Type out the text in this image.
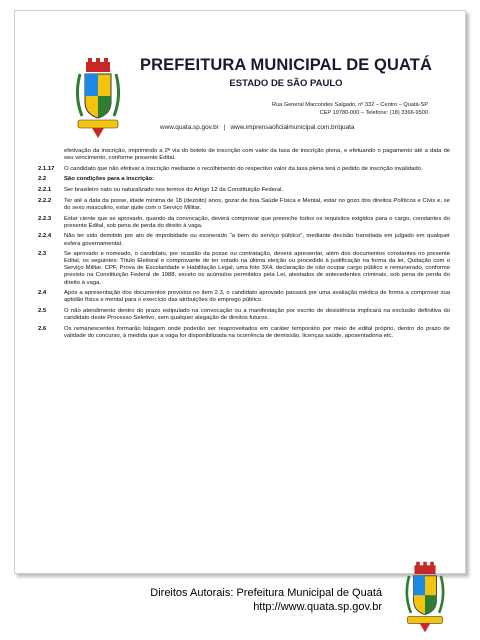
PREFEITURA MUNICIPAL DE QUATÁ
ESTADO DE SÃO PAULO
Rua General Marcondes Salgado, nº 332 – Centro – Quatá-SP
CEP 19780-000 – Telefone: (18) 3366-9500
www.quata.sp.gov.br | www.imprensaoficialmunicipal.com.br/quata
efetivação da inscrição, imprimindo a 2ª via do boleto de inscrição com valor da taxa de inscrição plena, e efetuando o pagamento até a data de seu vencimento, conforme presente Edital.
2.1.17	O candidato que não efetivar a inscrição mediante o recolhimento do respectivo valor da taxa plena terá o pedido de inscrição invalidado.
2.2	São condições para a inscrição:
2.2.1	Ser brasileiro nato ou naturalizado nos termos do Artigo 12 da Constituição Federal.
2.2.2	Ter até a data da posse, idade mínima de 18 (dezoito) anos, gozar de boa Saúde Física e Mental, estar no gozo dos direitos Políticos e Civis e, se do sexo masculino, estar quite com o Serviço Militar.
2.2.3	Estar ciente que se aprovado, quando da convocação, deverá comprovar que preenche todos os requisitos exigidos para o cargo, constantes do presente Edital, sob pena de perda do direito à vaga.
2.2.4	Não ter sido demitido por ato de improbidade ou exonerado "a bem do serviço público", mediante decisão transitada em julgado em qualquer esfera governamental.
2.3	Se aprovado e nomeado, o candidato, por ocasião da posse ou contratação, deverá apresentar, além dos documentos constantes no presente Edital, os seguintes: Título Eleitoral e comprovante de ter votado na última eleição ou procedido à justificação na forma da lei, Quitação com o Serviço Militar, CPF, Prova de Escolaridade e Habilitação Legal, uma foto 3X4, declaração de não ocupar cargo público e remunerado, conforme previsto na Constituição Federal de 1988, exceto os acúmulos permitidos pela Lei, atestados de antecedentes criminais, sob pena de perda do direito à vaga.
2.4	Após a apresentação dos documentos previstos no item 2.3, o candidato aprovado passará por uma avaliação médica de forma a comprovar sua aptidão física e mental para o exercício das atribuições do emprego público.
2.5	O não atendimento dentro do prazo estipulado na convocação ou a manifestação por escrito de desistência implicará na exclusão definitiva do candidato deste Processo Seletivo, sem qualquer alegação de direitos futuros.
2.6	Os remanescentes formarão listagem onde poderão ser reaproveitados em caráter temporário por meio de edital próprio, dentro do prazo de validade do concurso, à medida que a vaga for disponibilizada na ocorrência de demissão, licenças saúde, aposentadoria etc.
Direitos Autorais: Prefeitura Municipal de Quatá
http://www.quata.sp.gov.br
